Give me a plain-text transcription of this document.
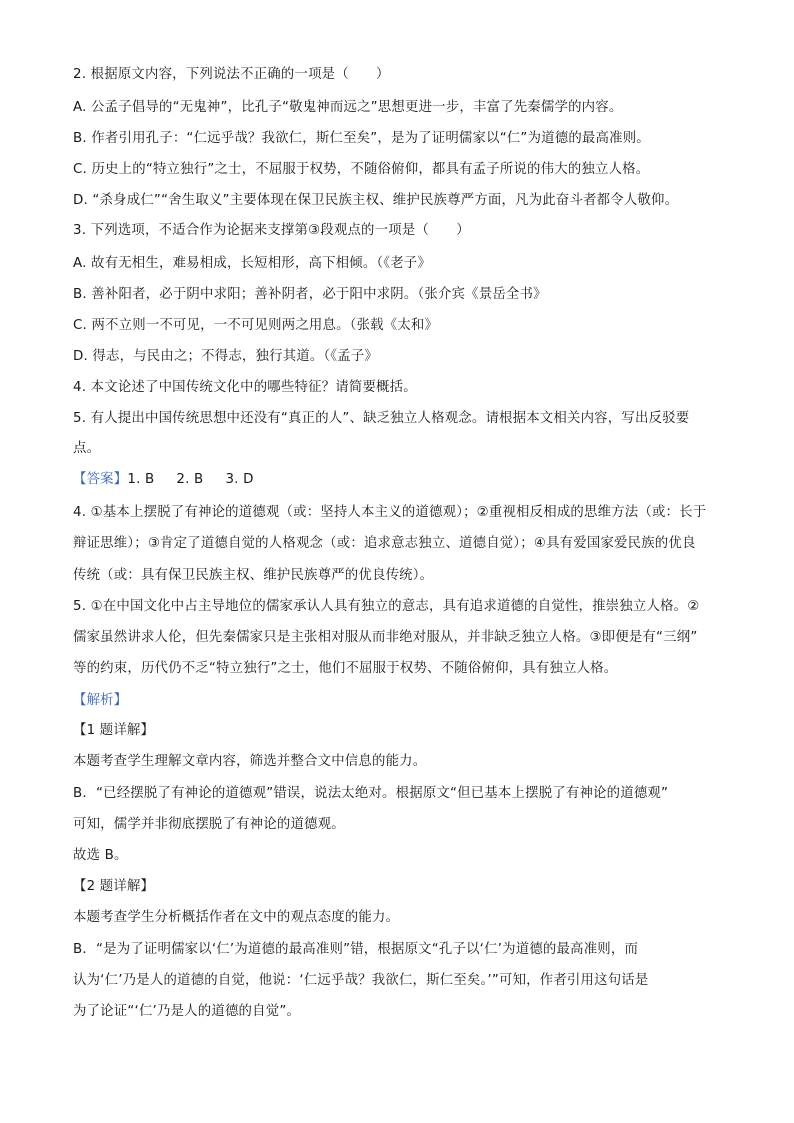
2. 根据原文内容，下列说法不正确的一项是（　　）
A. 公孟子倡导的“无鬼神”，比孔子“敬鬼神而远之”思想更进一步，丰富了先秦儒学的内容。
B. 作者引用孔子：“仁远乎哉？我欲仁，斯仁至矣”，是为了证明儒家以“仁”为道德的最高准则。
C. 历史上的“特立独行”之士，不屈服于权势，不随俗俯仰，都具有孟子所说的伟大的独立人格。
D. “杀身成仁”“舍生取义”主要体现在保卫民族主权、维护民族尊严方面，凡为此奋斗者都令人敬仰。
3. 下列选项，不适合作为论据来支撑第③段观点的一项是（　　）
A. 故有无相生，难易相成，长短相形，高下相倾。（《老子》
B. 善补阳者，必于阴中求阳；善补阴者，必于阳中求阴。（张介宾《景岳全书》
C. 两不立则一不可见，一不可见则两之用息。（张载《太和》
D. 得志，与民由之；不得志，独行其道。（《孟子》
4. 本文论述了中国传统文化中的哪些特征？请简要概括。
5. 有人提出中国传统思想中还没有“真正的人”、缺乏独立人格观念。请根据本文相关内容，写出反驳要
点。
【答案】1. B 2. B 3. D
4. ①基本上摆脱了有神论的道德观（或：坚持人本主义的道德观）；②重视相反相成的思维方法（或：长于
辩证思维）；③肯定了道德自觉的人格观念（或：追求意志独立、道德自觉）；④具有爱国家爱民族的优良
传统（或：具有保卫民族主权、维护民族尊严的优良传统）。
5. ①在中国文化中占主导地位的儒家承认人具有独立的意志，具有追求道德的自觉性，推崇独立人格。②
儒家虽然讲求人伦，但先秦儒家只是主张相对服从而非绝对服从，并非缺乏独立人格。③即便是有“三纲”
等的约束，历代仍不乏“特立独行”之士，他们不屈服于权势、不随俗俯仰，具有独立人格。
【解析】
【1 题详解】
本题考查学生理解文章内容，筛选并整合文中信息的能力。
B．“已经摆脱了有神论的道德观”错误，说法太绝对。根据原文“但已基本上摆脱了有神论的道德观”
可知，儒学并非彻底摆脱了有神论的道德观。
故选 B。
【2 题详解】
本题考查学生分析概括作者在文中的观点态度的能力。
B．“是为了证明儒家以‘仁’为道德的最高准则”错，根据原文“孔子以‘仁’为道德的最高准则，而
认为‘仁’乃是人的道德的自觉，他说：‘仁远乎哉？我欲仁，斯仁至矣。’”可知，作者引用这句话是
为了论证“‘仁’乃是人的道德的自觉”。
